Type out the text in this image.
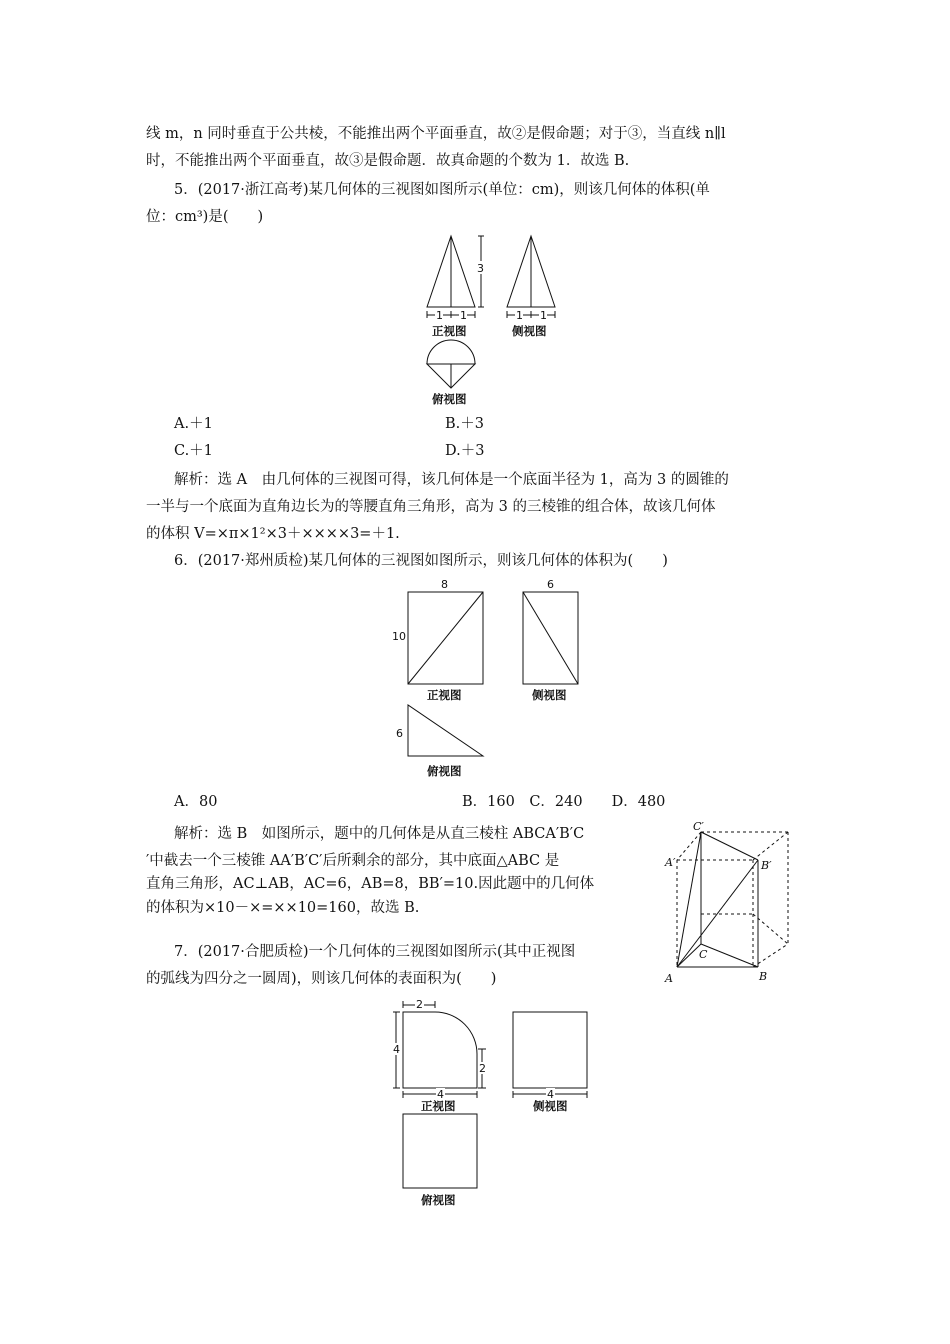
线 m，n 同时垂直于公共棱，不能推出两个平面垂直，故②是假命题；对于③，当直线 n∥l
时，不能推出两个平面垂直，故③是假命题．故真命题的个数为 1．故选 B.
5．(2017·浙江高考)某几何体的三视图如图所示(单位：cm)，则该几何体的体积(单
位：cm³)是(　　)
3
1 1
正视图
1 1
侧视图
俯视图
A.＋1	B.＋3
C.＋1	D.＋3
解析：选 A　由几何体的三视图可得，该几何体是一个底面半径为 1，高为 3 的圆锥的
一半与一个底面为直角边长为的等腰直角三角形，高为 3 的三棱锥的组合体，故该几何体
的体积 V=×π×1²×3＋××××3=＋1.
6．(2017·郑州质检)某几何体的三视图如图所示，则该几何体的体积为(　　)
8
10
正视图
6
侧视图
6
俯视图
A．80	B．160　C．240　　D．480
解析：选 B　如图所示，题中的几何体是从直三棱柱 ABCA′B′C
′中截去一个三棱锥 AA′B′C′后所剩余的部分，其中底面△ABC 是
直角三角形，AC⊥AB，AC=6，AB=8，BB′=10.因此题中的几何体
的体积为×10－×=××10=160，故选 B.
C′
A′	B′
A	B
C
7．(2017·合肥质检)一个几何体的三视图如图所示(其中正视图
的弧线为四分之一圆周)，则该几何体的表面积为(　　)
2
4
2
4
正视图
4
侧视图
俯视图
